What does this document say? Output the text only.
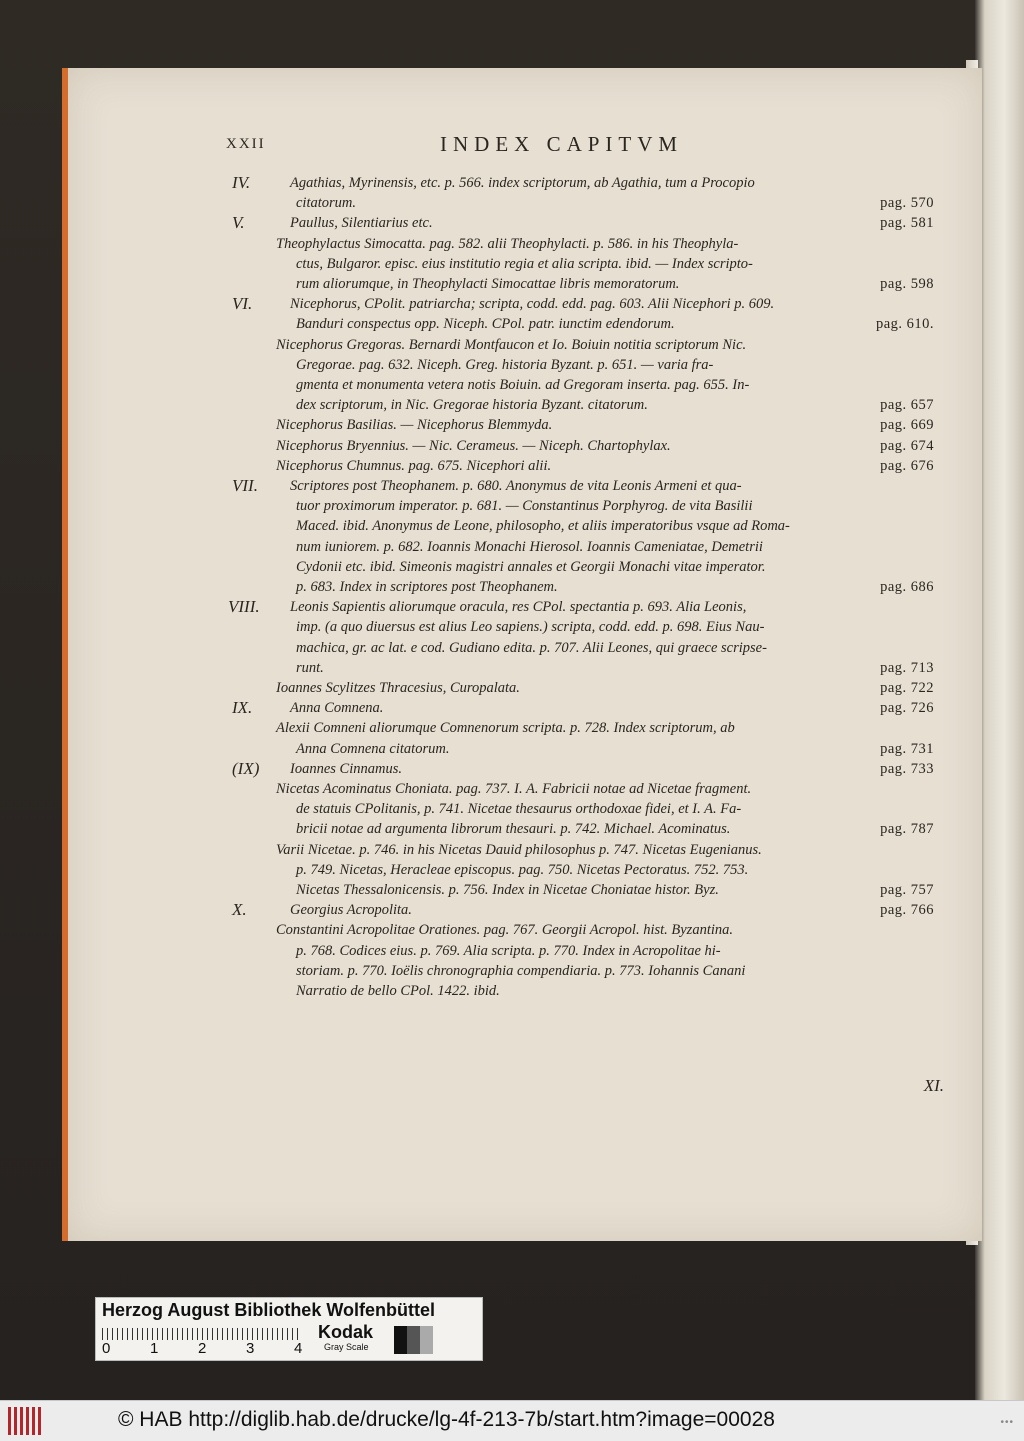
XXII	INDEX CAPITVM
IV.	Agathias, Myrinensis, etc. p. 566. index scriptorum, ab Agathia, tum a Procopio
citatorum.	pag. 570
V.	Paullus, Silentiarius etc.	pag. 581
Theophylactus Simocatta. pag. 582. alii Theophylacti. p. 586. in his Theophyla-
ctus, Bulgaror. episc. eius institutio regia et alia scripta. ibid. — Index scripto-
rum aliorumque, in Theophylacti Simocattae libris memoratorum.	pag. 598
VI.	Nicephorus, CPolit. patriarcha; scripta, codd. edd. pag. 603. Alii Nicephori p. 609.
Banduri conspectus opp. Niceph. CPol. patr. iunctim edendorum.	pag. 610.
Nicephorus Gregoras. Bernardi Montfaucon et Io. Boiuin notitia scriptorum Nic.
Gregorae. pag. 632. Niceph. Greg. historia Byzant. p. 651. — varia fra-
gmenta et monumenta vetera notis Boiuin. ad Gregoram inserta. pag. 655. In-
dex scriptorum, in Nic. Gregorae historia Byzant. citatorum.	pag. 657
Nicephorus Basilias. — Nicephorus Blemmyda.	pag. 669
Nicephorus Bryennius. — Nic. Cerameus. — Niceph. Chartophylax.	pag. 674
Nicephorus Chumnus. pag. 675. Nicephori alii.	pag. 676
VII. Scriptores post Theophanem. p. 680. Anonymus de vita Leonis Armeni et qua-
tuor proximorum imperator. p. 681. — Constantinus Porphyrog. de vita Basilii
Maced. ibid. Anonymus de Leone, philosopho, et aliis imperatoribus vsque ad Roma-
num iuniorem. p. 682. Ioannis Monachi Hierosol. Ioannis Cameniatae, Demetrii
Cydonii etc. ibid. Simeonis magistri annales et Georgii Monachi vitae imperator.
p. 683. Index in scriptores post Theophanem.	pag. 686
VIII. Leonis Sapientis aliorumque oracula, res CPol. spectantia p. 693. Alia Leonis,
imp. (a quo diuersus est alius Leo sapiens.) scripta, codd. edd. p. 698. Eius Nau-
machica, gr. ac lat. e cod. Gudiano edita. p. 707. Alii Leones, qui graece scripse-
runt.	pag. 713
Ioannes Scylitzes Thracesius, Curopalata.	pag. 722
IX.	Anna Comnena.	pag. 726
Alexii Comneni aliorumque Comnenorum scripta. p. 728. Index scriptorum, ab
Anna Comnena citatorum.	pag. 731
(IX) Ioannes Cinnamus.	pag. 733
Nicetas Acominatus Choniata. pag. 737. I. A. Fabricii notae ad Nicetae fragment.
de statuis CPolitanis, p. 741. Nicetae thesaurus orthodoxae fidei, et I. A. Fa-
bricii notae ad argumenta librorum thesauri. p. 742. Michael. Acominatus.	pag. 787
Varii Nicetae. p. 746. in his Nicetas Dauid philosophus p. 747. Nicetas Eugenianus.
p. 749. Nicetas, Heracleae episcopus. pag. 750. Nicetas Pectoratus. 752. 753.
Nicetas Thessalonicensis. p. 756. Index in Nicetae Choniatae histor. Byz.	pag. 757
X.	Georgius Acropolita.	pag. 766
Constantini Acropolitae Orationes. pag. 767. Georgii Acropol. hist. Byzantina.
p. 768. Codices eius. p. 769. Alia scripta. p. 770. Index in Acropolitae hi-
storiam. p. 770. Ioëlis chronographia compendiaria. p. 773. Iohannis Canani
Narratio de bello CPol. 1422. ibid.
XI.
Herzog August Bibliothek Wolfenbüttel
0	1	2	3	4
Kodak
Gray Scale
© HAB http://diglib.hab.de/drucke/lg-4f-213-7b/start.htm?image=00028	•••
